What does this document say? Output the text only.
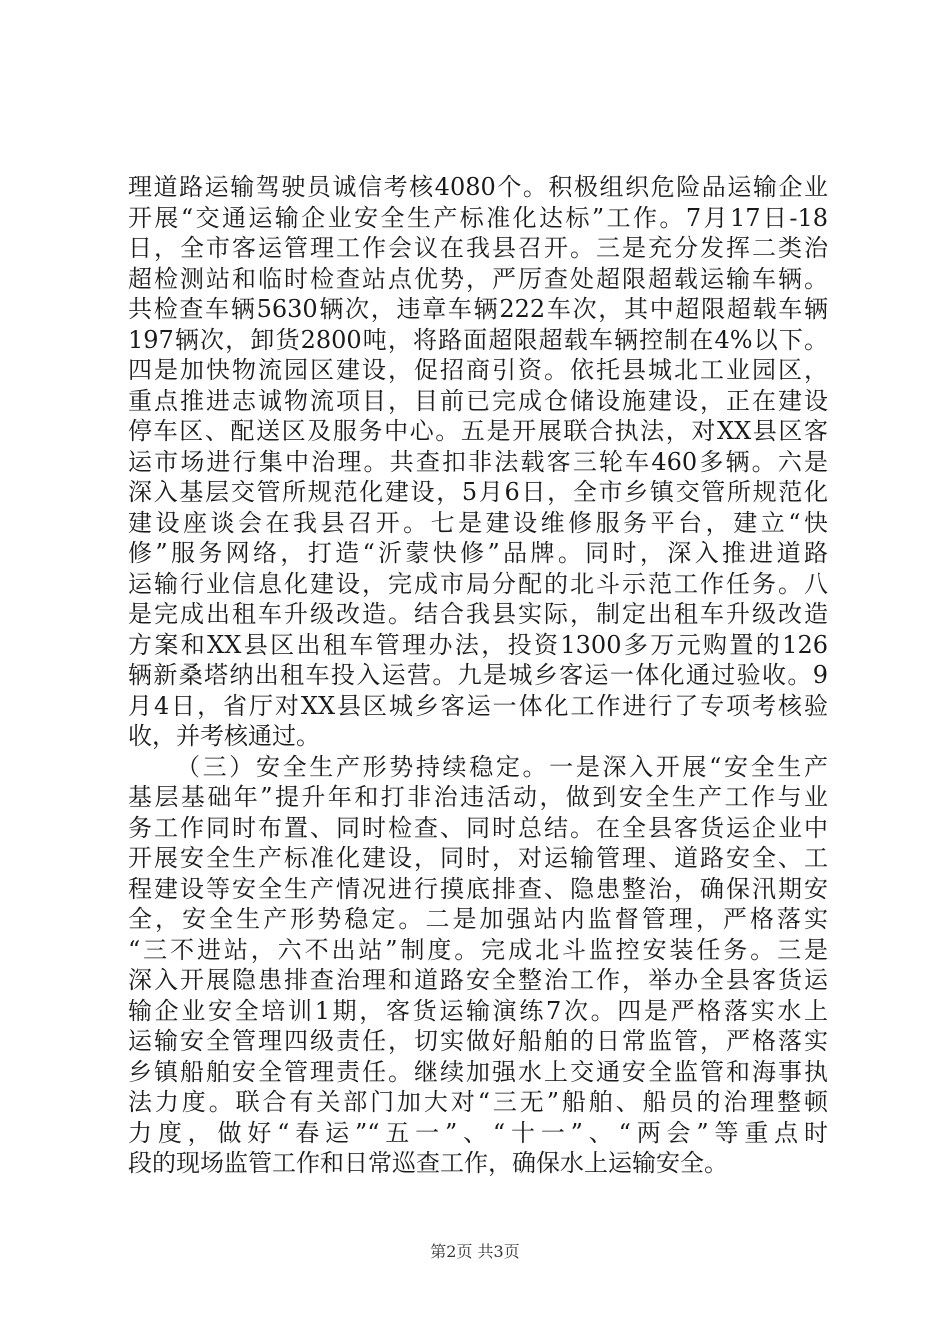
理道路运输驾驶员诚信考核4080个。积极组织危险品运输企业
开展“交通运输企业安全生产标准化达标”工作。7月17日-18
日，全市客运管理工作会议在我县召开。三是充分发挥二类治
超检测站和临时检查站点优势，严厉查处超限超载运输车辆。
共检查车辆5630辆次，违章车辆222车次，其中超限超载车辆
197辆次，卸货2800吨，将路面超限超载车辆控制在4%以下。
四是加快物流园区建设，促招商引资。依托县城北工业园区，
重点推进志诚物流项目，目前已完成仓储设施建设，正在建设
停车区、配送区及服务中心。五是开展联合执法，对XX县区客
运市场进行集中治理。共查扣非法载客三轮车460多辆。六是
深入基层交管所规范化建设，5月6日，全市乡镇交管所规范化
建设座谈会在我县召开。七是建设维修服务平台，建立“快
修”服务网络，打造“沂蒙快修”品牌。同时，深入推进道路
运输行业信息化建设，完成市局分配的北斗示范工作任务。八
是完成出租车升级改造。结合我县实际，制定出租车升级改造
方案和XX县区出租车管理办法，投资1300多万元购置的126
辆新桑塔纳出租车投入运营。九是城乡客运一体化通过验收。9
月4日，省厅对XX县区城乡客运一体化工作进行了专项考核验
收，并考核通过。
（三）安全生产形势持续稳定。一是深入开展“安全生产
基层基础年”提升年和打非治违活动，做到安全生产工作与业
务工作同时布置、同时检查、同时总结。在全县客货运企业中
开展安全生产标准化建设，同时，对运输管理、道路安全、工
程建设等安全生产情况进行摸底排查、隐患整治，确保汛期安
全，安全生产形势稳定。二是加强站内监督管理，严格落实
“三不进站，六不出站”制度。完成北斗监控安装任务。三是
深入开展隐患排查治理和道路安全整治工作，举办全县客货运
输企业安全培训1期，客货运输演练7次。四是严格落实水上
运输安全管理四级责任，切实做好船舶的日常监管，严格落实
乡镇船舶安全管理责任。继续加强水上交通安全监管和海事执
法力度。联合有关部门加大对“三无”船舶、船员的治理整顿
力度，做好“春运”“五一”、“十一”、“两会”等重点时
段的现场监管工作和日常巡查工作，确保水上运输安全。
第2页 共3页
